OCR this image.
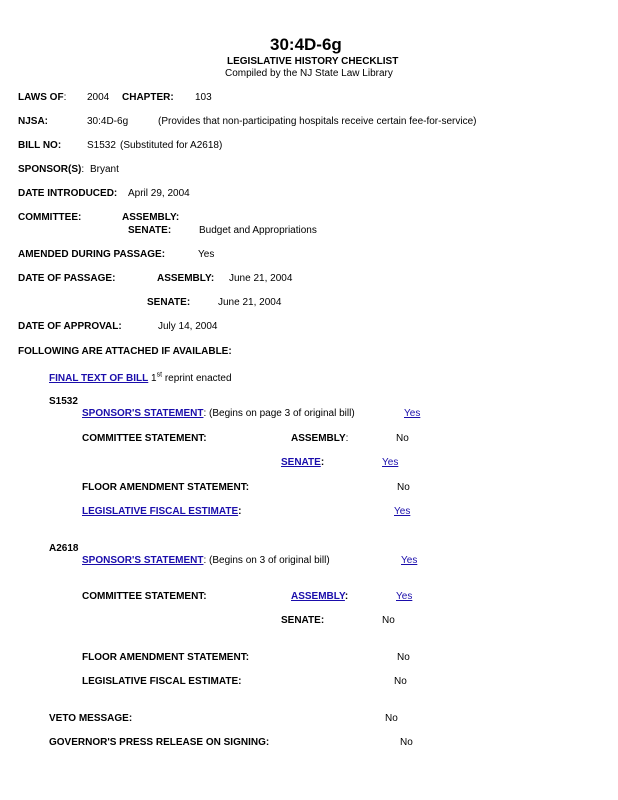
30:4D-6g
LEGISLATIVE HISTORY CHECKLIST
Compiled by the NJ State Law Library
LAWS OF: 2004 CHAPTER: 103
NJSA:	30:4D-6g	(Provides that non-participating hospitals receive certain fee-for-service)
BILL NO:	S1532 (Substituted for A2618)
SPONSOR(S): Bryant
DATE INTRODUCED: April 29, 2004
COMMITTEE:	ASSEMBLY:
SENATE:	Budget and Appropriations
AMENDED DURING PASSAGE:	Yes
DATE OF PASSAGE:	ASSEMBLY: June 21, 2004
SENATE:	June 21, 2004
DATE OF APPROVAL:	July 14, 2004
FOLLOWING ARE ATTACHED IF AVAILABLE:
FINAL TEXT OF BILL 1st reprint enacted
S1532
SPONSOR'S STATEMENT: (Begins on page 3 of original bill)	Yes
COMMITTEE STATEMENT:	ASSEMBLY:	No
SENATE:	Yes
FLOOR AMENDMENT STATEMENT:	No
LEGISLATIVE FISCAL ESTIMATE:	Yes
A2618
SPONSOR'S STATEMENT: (Begins on 3 of original bill)	Yes
COMMITTEE STATEMENT:	ASSEMBLY:	Yes
SENATE:	No
FLOOR AMENDMENT STATEMENT:	No
LEGISLATIVE FISCAL ESTIMATE:	No
VETO MESSAGE:	No
GOVERNOR'S PRESS RELEASE ON SIGNING:	No
